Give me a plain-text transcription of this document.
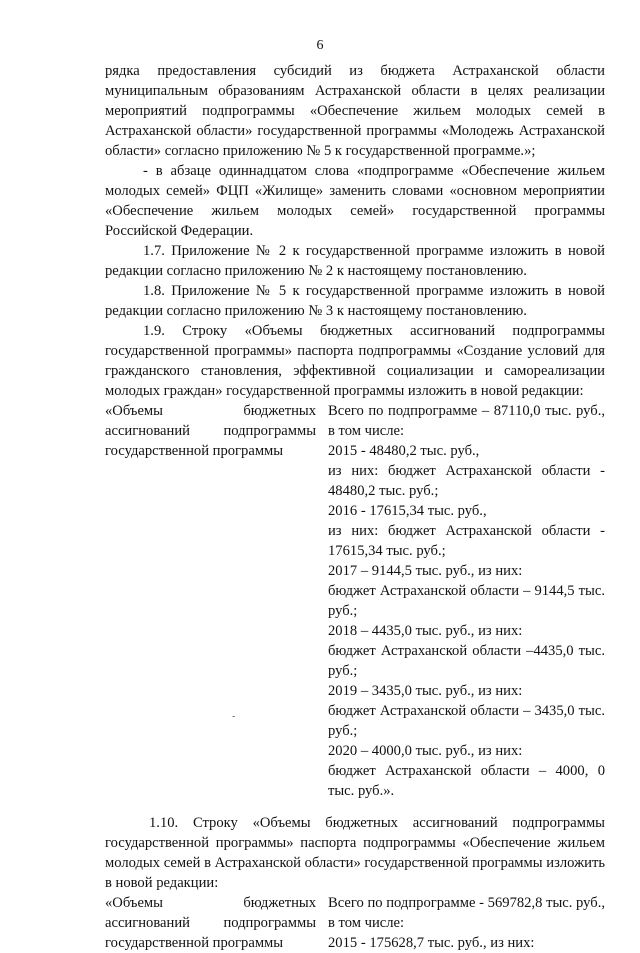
6

рядка предоставления субсидий из бюджета Астраханской области муниципальным образованиям Астраханской области в целях реализации мероприятий подпрограммы «Обеспечение жильем молодых семей в Астраханской области» государственной программы «Молодежь Астраханской области» согласно приложению № 5 к государственной программе.»;

- в абзаце одиннадцатом слова «подпрограмме «Обеспечение жильем молодых семей» ФЦП «Жилище» заменить словами «основном мероприятии «Обеспечение жильем молодых семей» государственной программы Российской Федерации.

1.7. Приложение № 2 к государственной программе изложить в новой редакции согласно приложению № 2 к настоящему постановлению.

1.8. Приложение № 5 к государственной программе изложить в новой редакции согласно приложению № 3 к настоящему постановлению.

1.9. Строку «Объемы бюджетных ассигнований подпрограммы государственной программы» паспорта подпрограммы «Создание условий для гражданского становления, эффективной социализации и самореализации молодых граждан» государственной программы изложить в новой редакции:

«Объемы бюджетных ассигнований подпрограммы государственной программы
Всего по подпрограмме – 87110,0 тыс. руб., в том числе:
2015 - 48480,2 тыс. руб.,
из них: бюджет Астраханской области - 48480,2 тыс. руб.;
2016 - 17615,34 тыс. руб.,
из них: бюджет Астраханской области - 17615,34 тыс. руб.;
2017 – 9144,5 тыс. руб., из них:
бюджет Астраханской области – 9144,5 тыс. руб.;
2018 – 4435,0 тыс. руб., из них:
бюджет Астраханской области –4435,0 тыс. руб.;
2019 – 3435,0 тыс. руб., из них:
бюджет Астраханской области – 3435,0 тыс. руб.;
2020 – 4000,0 тыс. руб., из них:
бюджет Астраханской области – 4000, 0 тыс. руб.».

1.10. Строку «Объемы бюджетных ассигнований подпрограммы государственной программы» паспорта подпрограммы «Обеспечение жильем молодых семей в Астраханской области» государственной программы изложить в новой редакции:

«Объемы бюджетных ассигнований подпрограммы государственной программы
Всего по подпрограмме - 569782,8 тыс. руб., в том числе:
2015 - 175628,7 тыс. руб., из них:
-
